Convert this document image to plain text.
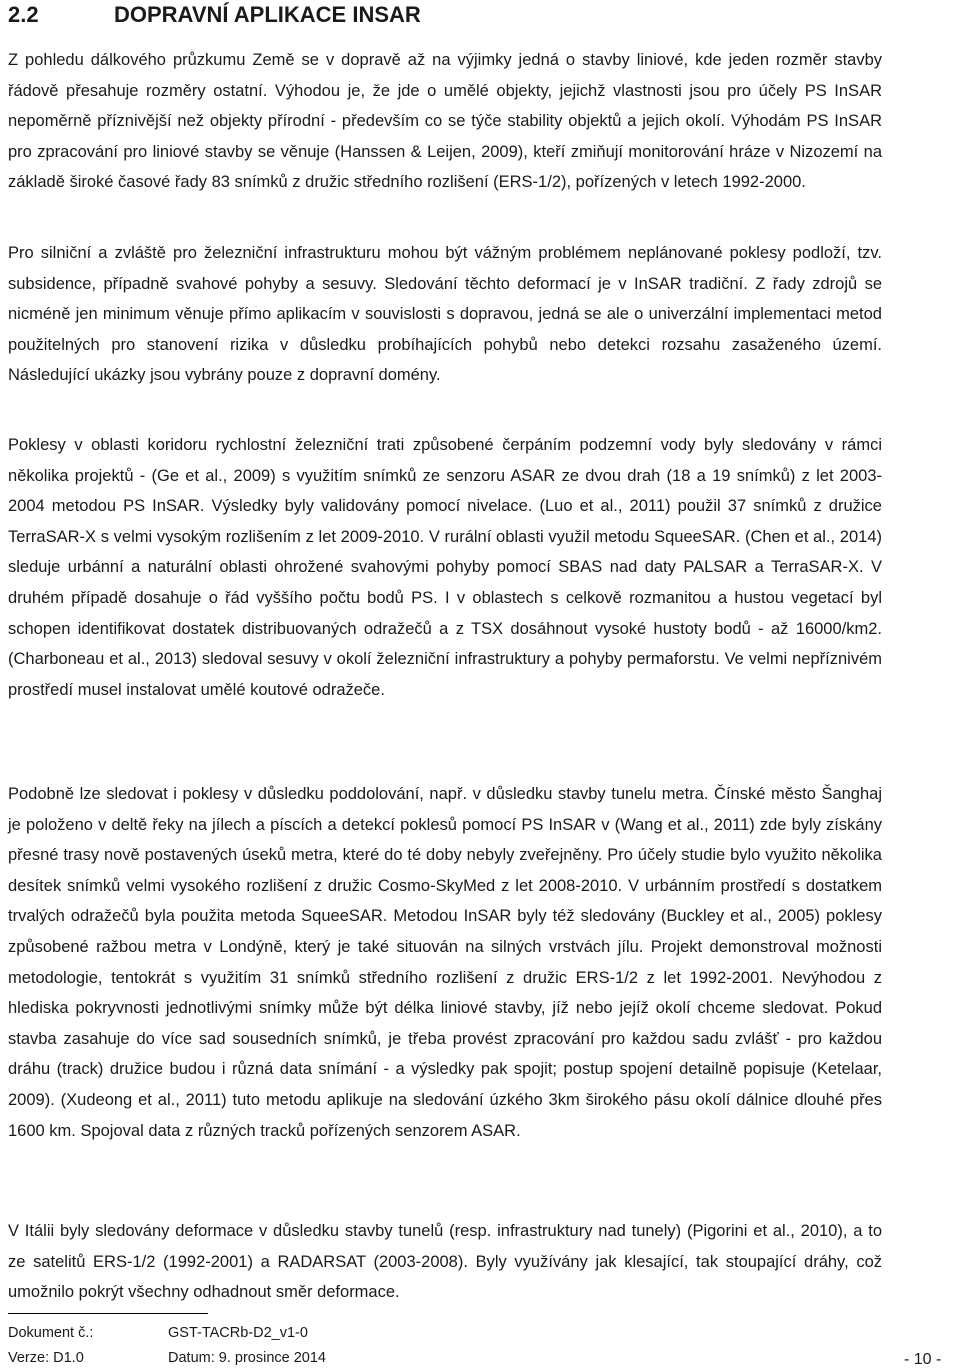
2.2	DOPRAVNÍ APLIKACE INSAR

Z pohledu dálkového průzkumu Země se v dopravě až na výjimky jedná o stavby liniové, kde jeden rozměr stavby řádově přesahuje rozměry ostatní. Výhodou je, že jde o umělé objekty, jejichž vlastnosti jsou pro účely PS InSAR nepoměrně příznivější než objekty přírodní - především co se týče stability objektů a jejich okolí. Výhodám PS InSAR pro zpracování pro liniové stavby se věnuje (Hanssen & Leijen, 2009), kteří zmiňují monitorování hráze v Nizozemí na základě široké časové řady 83 snímků z družic středního rozlišení (ERS-1/2), pořízených v letech 1992-2000.

Pro silniční a zvláště pro železniční infrastrukturu mohou být vážným problémem neplánované poklesy podloží, tzv. subsidence, případně svahové pohyby a sesuvy. Sledování těchto deformací je v InSAR tradiční. Z řady zdrojů se nicméně jen minimum věnuje přímo aplikacím v souvislosti s dopravou, jedná se ale o univerzální implementaci metod použitelných pro stanovení rizika v důsledku probíhajících pohybů nebo detekci rozsahu zasaženého území. Následující ukázky jsou vybrány pouze z dopravní domény.

Poklesy v oblasti koridoru rychlostní železniční trati způsobené čerpáním podzemní vody byly sledovány v rámci několika projektů - (Ge et al., 2009) s využitím snímků ze senzoru ASAR ze dvou drah (18 a 19 snímků) z let 2003-2004 metodou PS InSAR. Výsledky byly validovány pomocí nivelace. (Luo et al., 2011) použil 37 snímků z družice TerraSAR-X s velmi vysokým rozlišením z let 2009-2010. V rurální oblasti využil metodu SqueeSAR. (Chen et al., 2014) sleduje urbánní a naturální oblasti ohrožené svahovými pohyby pomocí SBAS nad daty PALSAR a TerraSAR-X. V druhém případě dosahuje o řád vyššího počtu bodů PS. I v oblastech s celkově rozmanitou a hustou vegetací byl schopen identifikovat dostatek distribuovaných odražečů a z TSX dosáhnout vysoké hustoty bodů - až 16000/km2. (Charboneau et al., 2013) sledoval sesuvy v okolí železniční infrastruktury a pohyby permaforstu. Ve velmi nepříznivém prostředí musel instalovat umělé koutové odražeče.

Podobně lze sledovat i poklesy v důsledku poddolování, např. v důsledku stavby tunelu metra. Čínské město Šanghaj je položeno v deltě řeky na jílech a píscích a detekcí poklesů pomocí PS InSAR v (Wang et al., 2011) zde byly získány přesné trasy nově postavených úseků metra, které do té doby nebyly zveřejněny. Pro účely studie bylo využito několika desítek snímků velmi vysokého rozlišení z družic Cosmo-SkyMed z let 2008-2010. V urbánním prostředí s dostatkem trvalých odražečů byla použita metoda SqueeSAR. Metodou InSAR byly též sledovány (Buckley et al., 2005) poklesy způsobené ražbou metra v Londýně, který je také situován na silných vrstvách jílu. Projekt demonstroval možnosti metodologie, tentokrát s využitím 31 snímků středního rozlišení z družic ERS-1/2 z let 1992-2001. Nevýhodou z hlediska pokryvnosti jednotlivými snímky může být délka liniové stavby, jíž nebo jejíž okolí chceme sledovat. Pokud stavba zasahuje do více sad sousedních snímků, je třeba provést zpracování pro každou sadu zvlášť - pro každou dráhu (track) družice budou i různá data snímání - a výsledky pak spojit; postup spojení detailně popisuje (Ketelaar, 2009). (Xudeong et al., 2011) tuto metodu aplikuje na sledování úzkého 3km širokého pásu okolí dálnice dlouhé přes 1600 km. Spojoval data z různých tracků pořízených senzorem ASAR.

V Itálii byly sledovány deformace v důsledku stavby tunelů (resp. infrastruktury nad tunely) (Pigorini et al., 2010), a to ze satelitů ERS-1/2 (1992-2001) a RADARSAT (2003-2008). Byly využívány jak klesající, tak stoupající dráhy, což umožnilo pokrýt všechny odhadnout směr deformace.

Dokument č.:	GST-TACRb-D2_v1-0
Verze: D1.0	Datum: 9. prosince 2014	- 10 -
